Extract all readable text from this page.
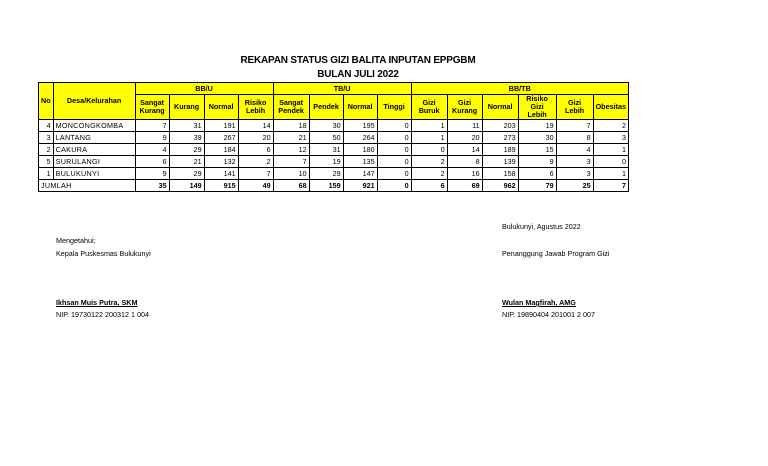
REKAPAN STATUS GIZI BALITA INPUTAN EPPGBM
BULAN JULI 2022
No	Desa/Kelurahan	BB/U				TB/U				BB/TB					
		Sangat Kurang	Kurang	Normal	Risiko Lebih	Sangat Pendek	Pendek	Normal	Tinggi	Gizi Buruk	Gizi Kurang	Normal	Risiko Gizi Lebih	Gizi Lebih	Obesitas
4	MONCONGKOMBA	7	31	191	14	18	30	195	0	1	11	203	19	7	2
3	LANTANG	9	39	267	20	21	50	264	0	1	20	273	30	8	3
2	CAKURA	4	29	184	6	12	31	180	0	0	14	189	15	4	1
5	SURULANGI	6	21	132	2	7	19	135	0	2	8	139	9	3	0
1	BULUKUNYI	9	29	141	7	10	29	147	0	2	16	158	6	3	1
JUMLAH		35	149	915	49	68	159	921	0	6	69	962	79	25	7
Bulukunyi, Agustus 2022
Mengetahui;
Kepala Puskesmas Bulukunyi	Penanggung Jawab Program Gizi
Ikhsan Muis Putra, SKM
NIP. 19730122 200312 1 004
Wulan Magfirah, AMG
NIP. 19890404 201001 2 007
